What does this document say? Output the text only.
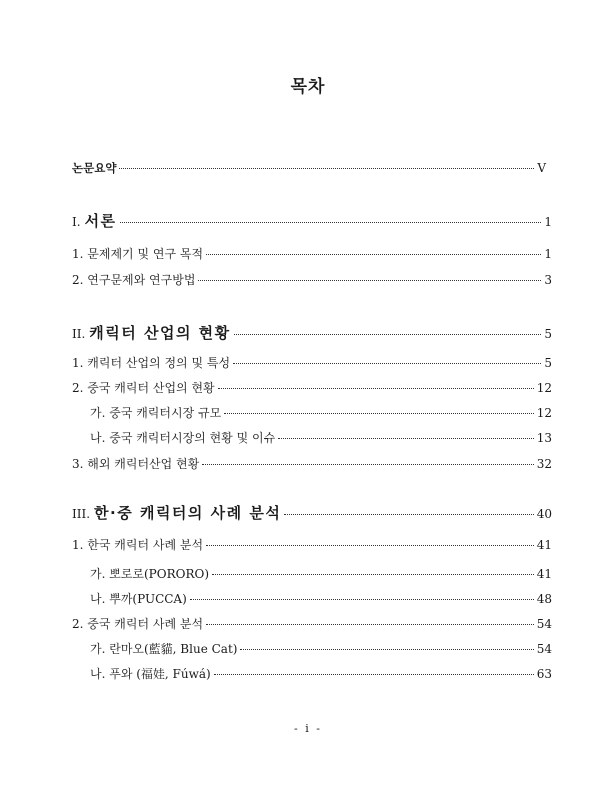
목차
논문요약	V
I. 서론	1
1. 문제제기 및 연구 목적	1
2. 연구문제와 연구방법	3
II. 캐릭터 산업의 현황	5
1. 캐릭터 산업의 정의 및 특성	5
2. 중국 캐릭터 산업의 현황	12
가. 중국 캐릭터시장 규모	12
나. 중국 캐릭터시장의 현황 및 이슈	13
3. 해외 캐릭터산업 현황	32
III. 한·중 캐릭터의 사례 분석	40
1. 한국 캐릭터 사례 분석	41
가. 뽀로로(PORORO)	41
나. 뿌까(PUCCA)	48
2. 중국 캐릭터 사례 분석	54
가. 란마오(藍貓, Blue Cat)	54
나. 푸와 (福娃, Fúwá)	63
- i -
